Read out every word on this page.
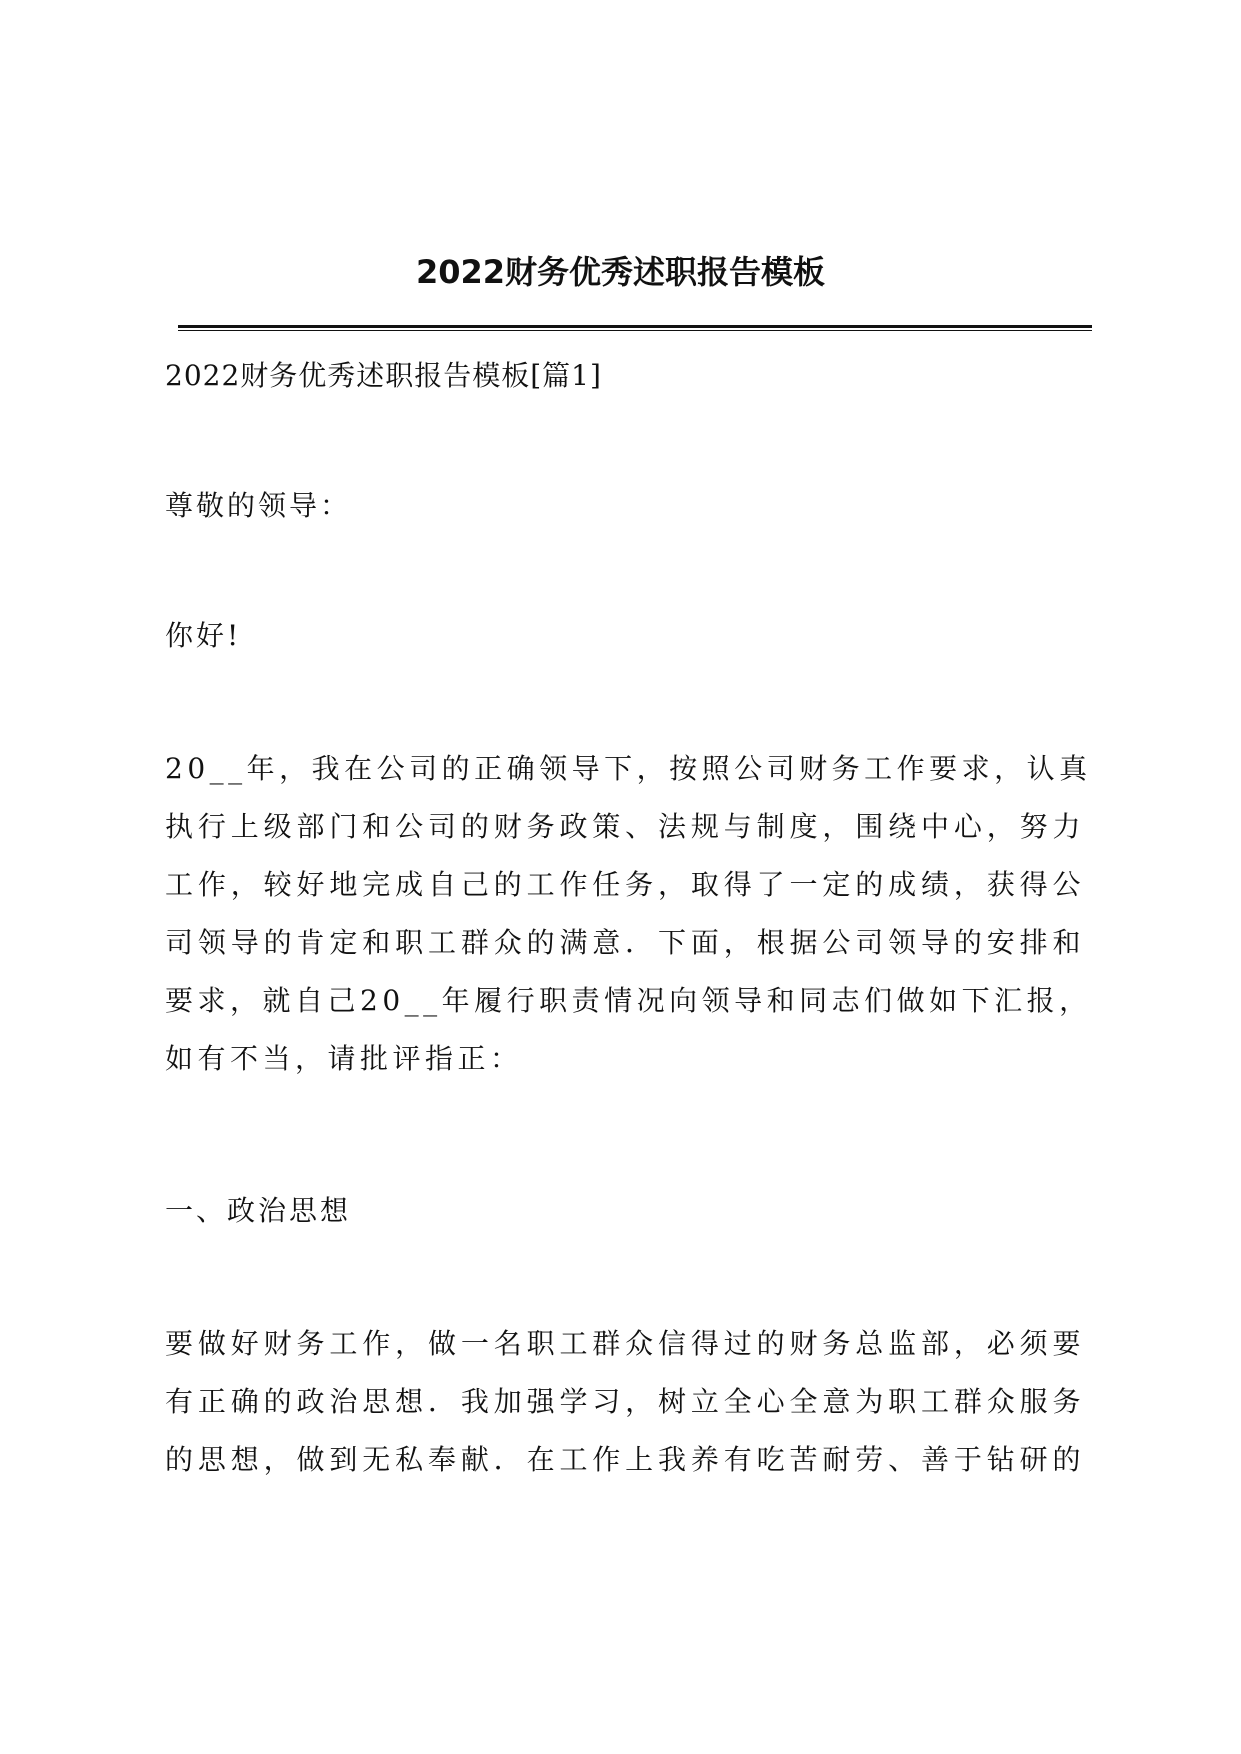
2022财务优秀述职报告模板
2022财务优秀述职报告模板[篇1]
尊敬的领导：
你好!
20__年，我在公司的正确领导下，按照公司财务工作要求，认真
执行上级部门和公司的财务政策、法规与制度，围绕中心，努力
工作，较好地完成自己的工作任务，取得了一定的成绩，获得公
司领导的肯定和职工群众的满意．下面，根据公司领导的安排和
要求，就自己20__年履行职责情况向领导和同志们做如下汇报，
如有不当，请批评指正：
一、政治思想
要做好财务工作，做一名职工群众信得过的财务总监部，必须要
有正确的政治思想．我加强学习，树立全心全意为职工群众服务
的思想，做到无私奉献．在工作上我养有吃苦耐劳、善于钻研的
